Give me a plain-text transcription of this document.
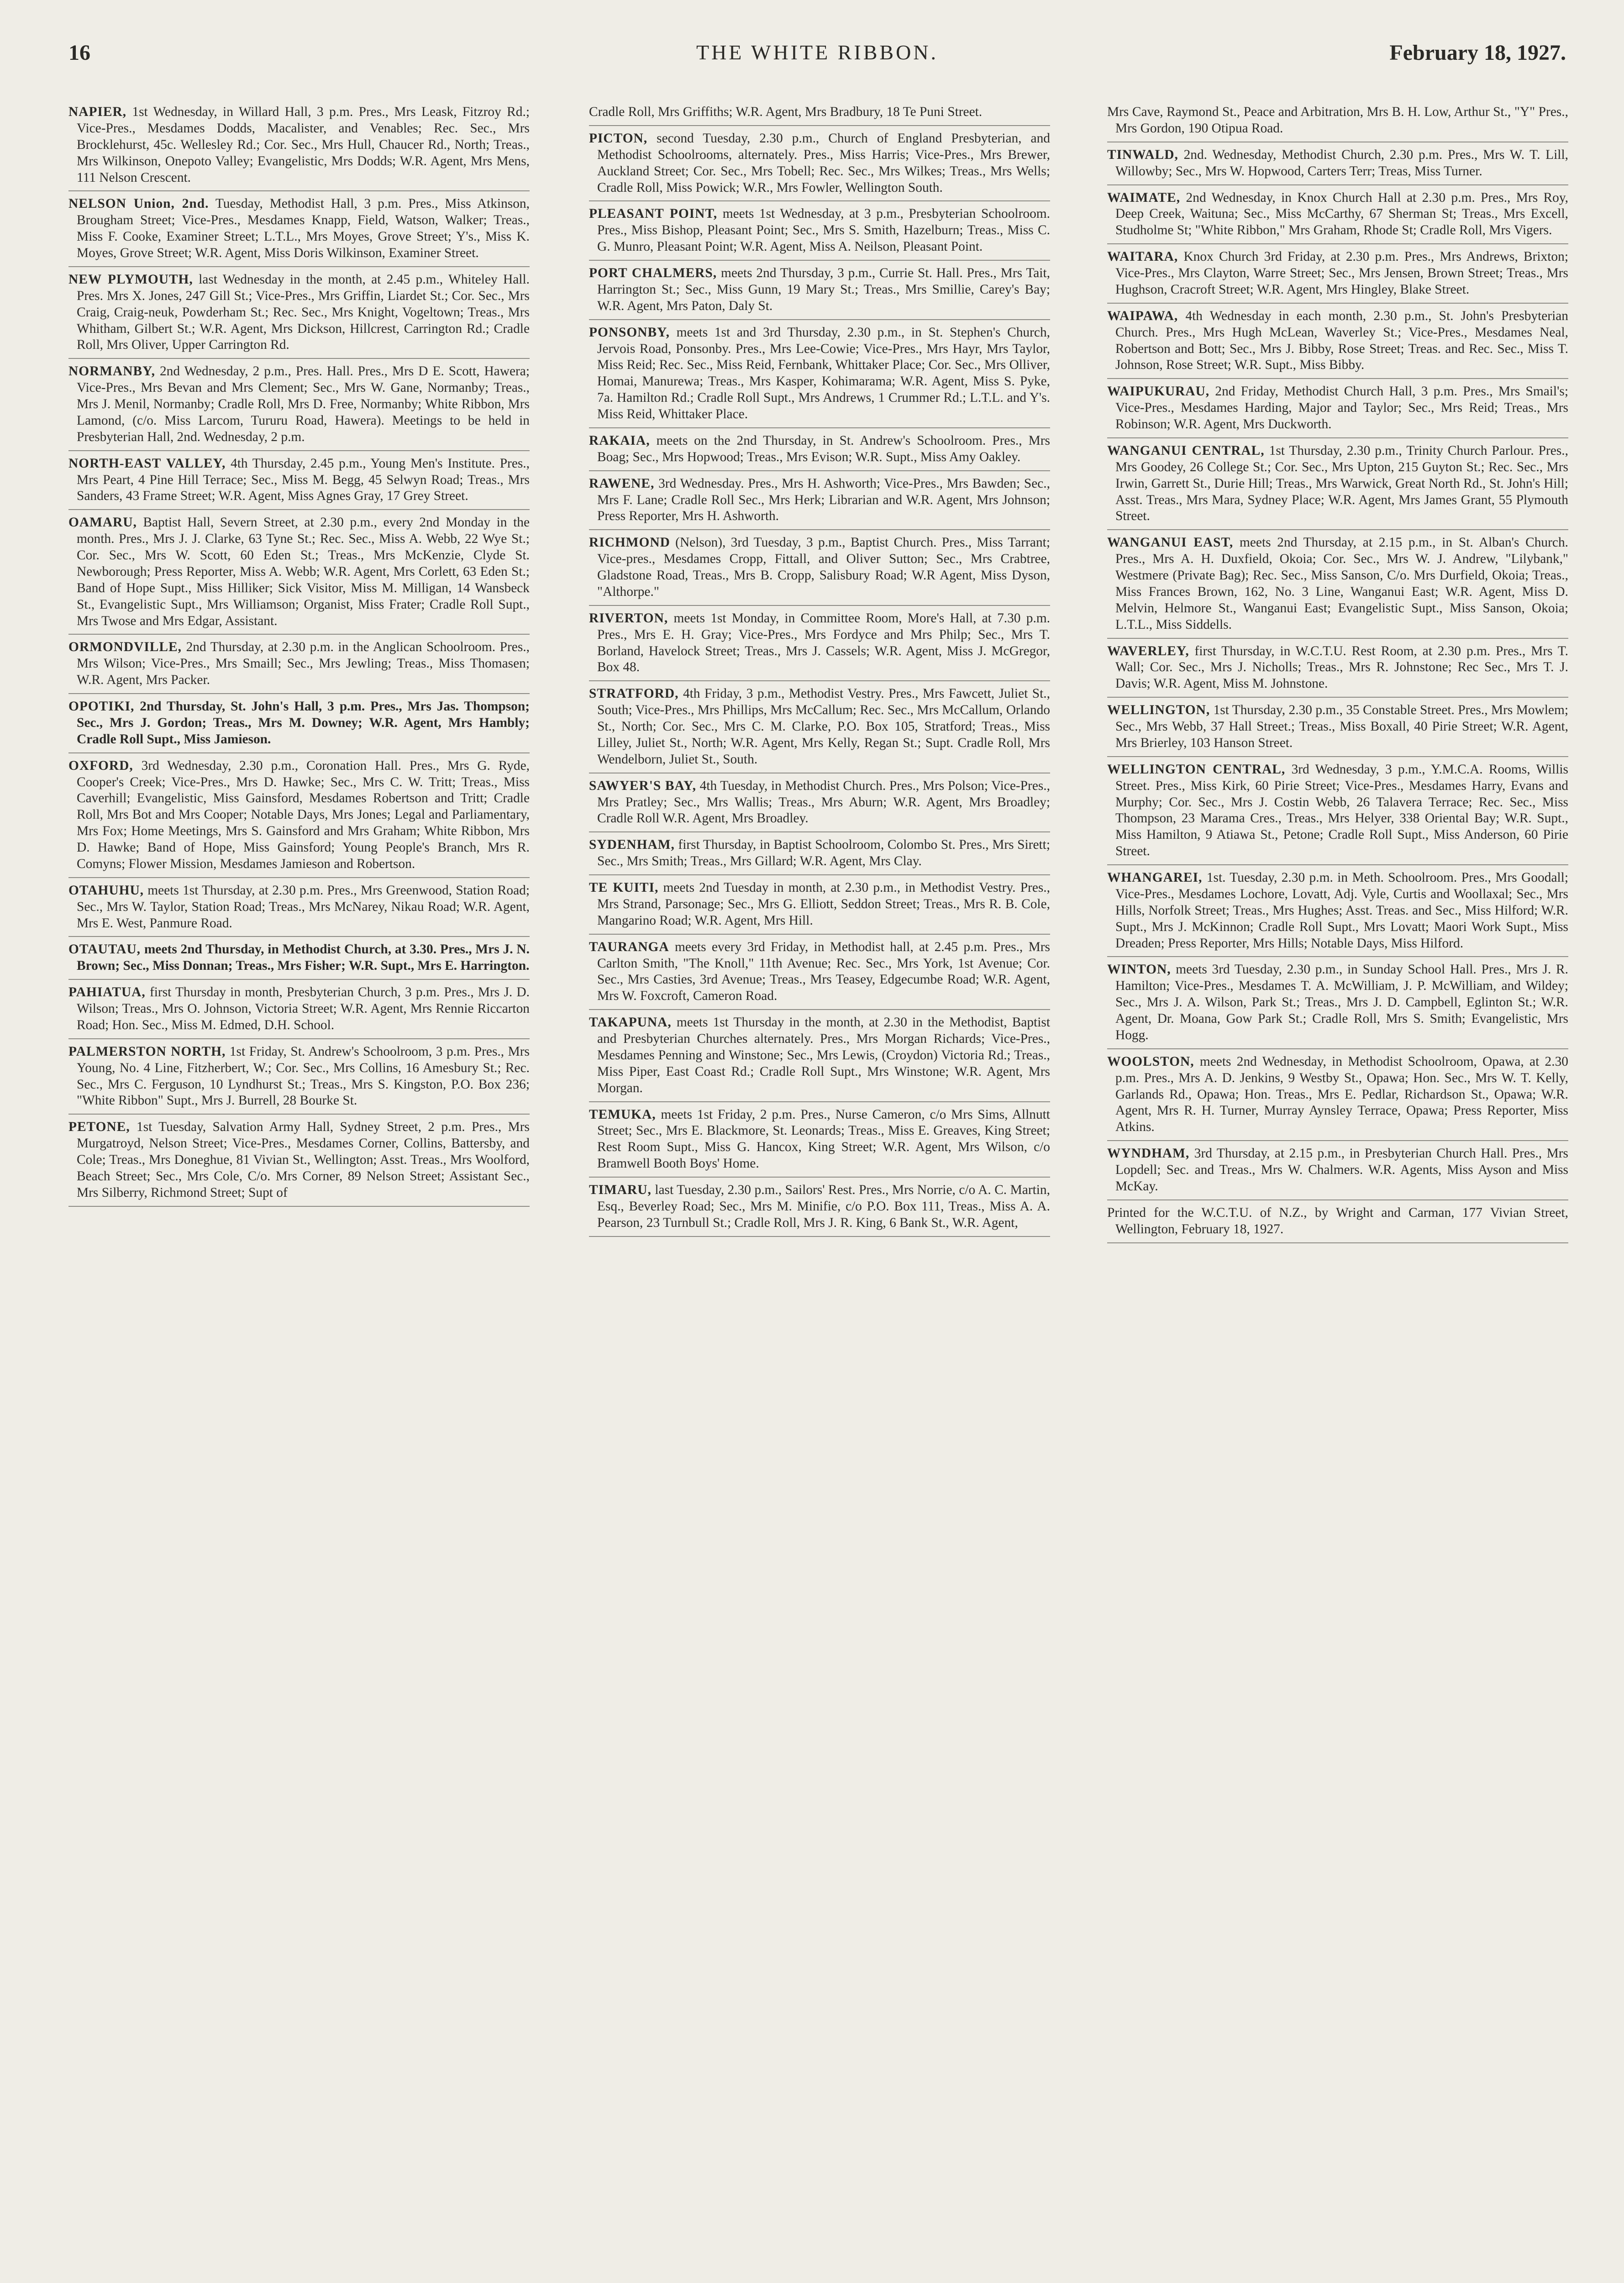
THE WHITE RIBBON.
16	February 18, 1927.
NAPIER, 1st Wednesday, in Willard Hall, 3 p.m. Pres., Mrs Leask, Fitzroy Rd.; Vice-Pres., Mesdames Dodds, Macalister, and Venables; Rec. Sec., Mrs Brocklehurst, 45c. Wellesley Rd.; Cor. Sec., Mrs Hull, Chaucer Rd., North; Treas., Mrs Wilkinson, Onepoto Valley; Evangelistic, Mrs Dodds; W.R. Agent, Mrs Mens, 111 Nelson Crescent.
NELSON Union, 2nd. Tuesday, Methodist Hall, 3 p.m. Pres., Miss Atkinson, Brougham Street; Vice-Pres., Mesdames Knapp, Field, Watson, Walker; Treas., Miss F. Cooke, Examiner Street; L.T.L., Mrs Moyes, Grove Street; Y's., Miss K. Moyes, Grove Street; W.R. Agent, Miss Doris Wilkinson, Examiner Street.
NEW PLYMOUTH, last Wednesday in the month, at 2.45 p.m., Whiteley Hall. Pres. Mrs X. Jones, 247 Gill St.; Vice-Pres., Mrs Griffin, Liardet St.; Cor. Sec., Mrs Craig, Craig-neuk, Powderham St.; Rec. Sec., Mrs Knight, Vogeltown; Treas., Mrs Whitham, Gilbert St.; W.R. Agent, Mrs Dickson, Hillcrest, Carrington Rd.; Cradle Roll, Mrs Oliver, Upper Carrington Rd.
NORMANBY, 2nd Wednesday, 2 p.m., Pres. Hall. Pres., Mrs D E. Scott, Hawera; Vice-Pres., Mrs Bevan and Mrs Clement; Sec., Mrs W. Gane, Normanby; Treas., Mrs J. Menil, Normanby; Cradle Roll, Mrs D. Free, Normanby; White Ribbon, Mrs Lamond, (c/o. Miss Larcom, Tururu Road, Hawera). Meetings to be held in Presbyterian Hall, 2nd. Wednesday, 2 p.m.
NORTH-EAST VALLEY, 4th Thursday, 2.45 p.m., Young Men's Institute. Pres., Mrs Peart, 4 Pine Hill Terrace; Sec., Miss M. Begg, 45 Selwyn Road; Treas., Mrs Sanders, 43 Frame Street; W.R. Agent, Miss Agnes Gray, 17 Grey Street.
OAMARU, Baptist Hall, Severn Street, at 2.30 p.m., every 2nd Monday in the month. Pres., Mrs J. J. Clarke, 63 Tyne St.; Rec. Sec., Miss A. Webb, 22 Wye St.; Cor. Sec., Mrs W. Scott, 60 Eden St.; Treas., Mrs McKenzie, Clyde St. Newborough; Press Reporter, Miss A. Webb; W.R. Agent, Mrs Corlett, 63 Eden St.; Band of Hope Supt., Miss Hilliker; Sick Visitor, Miss M. Milligan, 14 Wansbeck St., Evangelistic Supt., Mrs Williamson; Organist, Miss Frater; Cradle Roll Supt., Mrs Twose and Mrs Edgar, Assistant.
ORMONDVILLE, 2nd Thursday, at 2.30 p.m. in the Anglican Schoolroom. Pres., Mrs Wilson; Vice-Pres., Mrs Smaill; Sec., Mrs Jewling; Treas., Miss Thomasen; W.R. Agent, Mrs Packer.
OPOTIKI, 2nd Thursday, St. John's Hall, 3 p.m. Pres., Mrs Jas. Thompson; Sec., Mrs J. Gordon; Treas., Mrs M. Downey; W.R. Agent, Mrs Hambly; Cradle Roll Supt., Miss Jamieson.
OXFORD, 3rd Wednesday, 2.30 p.m., Coronation Hall. Pres., Mrs G. Ryde, Cooper's Creek; Vice-Pres., Mrs D. Hawke; Sec., Mrs C. W. Tritt; Treas., Miss Caverhill; Evangelistic, Miss Gainsford, Mesdames Robertson and Tritt; Cradle Roll, Mrs Bot and Mrs Cooper; Notable Days, Mrs Jones; Legal and Parliamentary, Mrs Fox; Home Meetings, Mrs S. Gainsford and Mrs Graham; White Ribbon, Mrs D. Hawke; Band of Hope, Miss Gainsford; Young People's Branch, Mrs R. Comyns; Flower Mission, Mesdames Jamieson and Robertson.
OTAHUHU, meets 1st Thursday, at 2.30 p.m. Pres., Mrs Greenwood, Station Road; Sec., Mrs W. Taylor, Station Road; Treas., Mrs McNarey, Nikau Road; W.R. Agent, Mrs E. West, Panmure Road.
OTAUTAU, meets 2nd Thursday, in Methodist Church, at 3.30. Pres., Mrs J. N. Brown; Sec., Miss Donnan; Treas., Mrs Fisher; W.R. Supt., Mrs E. Harrington.
PAHIATUA, first Thursday in month, Presbyterian Church, 3 p.m. Pres., Mrs J. D. Wilson; Treas., Mrs O. Johnson, Victoria Street; W.R. Agent, Mrs Rennie Riccarton Road; Hon. Sec., Miss M. Edmed, D.H. School.
PALMERSTON NORTH, 1st Friday, St. Andrew's Schoolroom, 3 p.m. Pres., Mrs Young, No. 4 Line, Fitzherbert, W.; Cor. Sec., Mrs Collins, 16 Amesbury St.; Rec. Sec., Mrs C. Ferguson, 10 Lyndhurst St.; Treas., Mrs S. Kingston, P.O. Box 236; "White Ribbon" Supt., Mrs J. Burrell, 28 Bourke St.
PETONE, 1st Tuesday, Salvation Army Hall, Sydney Street, 2 p.m. Pres., Mrs Murgatroyd, Nelson Street; Vice-Pres., Mesdames Corner, Collins, Battersby, and Cole; Treas., Mrs Doneghue, 81 Vivian St., Wellington; Asst. Treas., Mrs Woolford, Beach Street; Sec., Mrs Cole, C/o. Mrs Corner, 89 Nelson Street; Assistant Sec., Mrs Silberry, Richmond Street; Supt of
Cradle Roll, Mrs Griffiths; W.R. Agent, Mrs Bradbury, 18 Te Puni Street.
PICTON, second Tuesday, 2.30 p.m., Church of England Presbyterian, and Methodist Schoolrooms, alternately. Pres., Miss Harris; Vice-Pres., Mrs Brewer, Auckland Street; Cor. Sec., Mrs Tobell; Rec. Sec., Mrs Wilkes; Treas., Mrs Wells; Cradle Roll, Miss Powick; W.R., Mrs Fowler, Wellington South.
PLEASANT POINT, meets 1st Wednesday, at 3 p.m., Presbyterian Schoolroom. Pres., Miss Bishop, Pleasant Point; Sec., Mrs S. Smith, Hazelburn; Treas., Miss C. G. Munro, Pleasant Point; W.R. Agent, Miss A. Neilson, Pleasant Point.
PORT CHALMERS, meets 2nd Thursday, 3 p.m., Currie St. Hall. Pres., Mrs Tait, Harrington St.; Sec., Miss Gunn, 19 Mary St.; Treas., Mrs Smillie, Carey's Bay; W.R. Agent, Mrs Paton, Daly St.
PONSONBY, meets 1st and 3rd Thursday, 2.30 p.m., in St. Stephen's Church, Jervois Road, Ponsonby. Pres., Mrs Lee-Cowie; Vice-Pres., Mrs Hayr, Mrs Taylor, Miss Reid; Rec. Sec., Miss Reid, Fernbank, Whittaker Place; Cor. Sec., Mrs Olliver, Homai, Manurewa; Treas., Mrs Kasper, Kohimarama; W.R. Agent, Miss S. Pyke, 7a. Hamilton Rd.; Cradle Roll Supt., Mrs Andrews, 1 Crummer Rd.; L.T.L. and Y's. Miss Reid, Whittaker Place.
RAKAIA, meets on the 2nd Thursday, in St. Andrew's Schoolroom. Pres., Mrs Boag; Sec., Mrs Hopwood; Treas., Mrs Evison; W.R. Supt., Miss Amy Oakley.
RAWENE, 3rd Wednesday. Pres., Mrs H. Ashworth; Vice-Pres., Mrs Bawden; Sec., Mrs F. Lane; Cradle Roll Sec., Mrs Herk; Librarian and W.R. Agent, Mrs Johnson; Press Reporter, Mrs H. Ashworth.
RICHMOND (Nelson), 3rd Tuesday, 3 p.m., Baptist Church. Pres., Miss Tarrant; Vice-pres., Mesdames Cropp, Fittall, and Oliver Sutton; Sec., Mrs Crabtree, Gladstone Road, Treas., Mrs B. Cropp, Salisbury Road; W.R Agent, Miss Dyson, "Althorpe."
RIVERTON, meets 1st Monday, in Committee Room, More's Hall, at 7.30 p.m. Pres., Mrs E. H. Gray; Vice-Pres., Mrs Fordyce and Mrs Philp; Sec., Mrs T. Borland, Havelock Street; Treas., Mrs J. Cassels; W.R. Agent, Miss J. McGregor, Box 48.
STRATFORD, 4th Friday, 3 p.m., Methodist Vestry. Pres., Mrs Fawcett, Juliet St., South; Vice-Pres., Mrs Phillips, Mrs McCallum; Rec. Sec., Mrs McCallum, Orlando St., North; Cor. Sec., Mrs C. M. Clarke, P.O. Box 105, Stratford; Treas., Miss Lilley, Juliet St., North; W.R. Agent, Mrs Kelly, Regan St.; Supt. Cradle Roll, Mrs Wendelborn, Juliet St., South.
SAWYER'S BAY, 4th Tuesday, in Methodist Church. Pres., Mrs Polson; Vice-Pres., Mrs Pratley; Sec., Mrs Wallis; Treas., Mrs Aburn; W.R. Agent, Mrs Broadley; Cradle Roll W.R. Agent, Mrs Broadley.
SYDENHAM, first Thursday, in Baptist Schoolroom, Colombo St. Pres., Mrs Sirett; Sec., Mrs Smith; Treas., Mrs Gillard; W.R. Agent, Mrs Clay.
TE KUITI, meets 2nd Tuesday in month, at 2.30 p.m., in Methodist Vestry. Pres., Mrs Strand, Parsonage; Sec., Mrs G. Elliott, Seddon Street; Treas., Mrs R. B. Cole, Mangarino Road; W.R. Agent, Mrs Hill.
TAURANGA meets every 3rd Friday, in Methodist hall, at 2.45 p.m. Pres., Mrs Carlton Smith, "The Knoll," 11th Avenue; Rec. Sec., Mrs York, 1st Avenue; Cor. Sec., Mrs Casties, 3rd Avenue; Treas., Mrs Teasey, Edgecumbe Road; W.R. Agent, Mrs W. Foxcroft, Cameron Road.
TAKAPUNA, meets 1st Thursday in the month, at 2.30 in the Methodist, Baptist and Presbyterian Churches alternately. Pres., Mrs Morgan Richards; Vice-Pres., Mesdames Penning and Winstone; Sec., Mrs Lewis, (Croydon) Victoria Rd.; Treas., Miss Piper, East Coast Rd.; Cradle Roll Supt., Mrs Winstone; W.R. Agent, Mrs Morgan.
TEMUKA, meets 1st Friday, 2 p.m. Pres., Nurse Cameron, c/o Mrs Sims, Allnutt Street; Sec., Mrs E. Blackmore, St. Leonards; Treas., Miss E. Greaves, King Street; Rest Room Supt., Miss G. Hancox, King Street; W.R. Agent, Mrs Wilson, c/o Bramwell Booth Boys' Home.
TIMARU, last Tuesday, 2.30 p.m., Sailors' Rest. Pres., Mrs Norrie, c/o A. C. Martin, Esq., Beverley Road; Sec., Mrs M. Minifie, c/o P.O. Box 111, Treas., Miss A. A. Pearson, 23 Turnbull St.; Cradle Roll, Mrs J. R. King, 6 Bank St., W.R. Agent,
Mrs Cave, Raymond St., Peace and Arbitration, Mrs B. H. Low, Arthur St., "Y" Pres., Mrs Gordon, 190 Otipua Road.
TINWALD, 2nd. Wednesday, Methodist Church, 2.30 p.m. Pres., Mrs W. T. Lill, Willowby; Sec., Mrs W. Hopwood, Carters Terr; Treas, Miss Turner.
WAIMATE, 2nd Wednesday, in Knox Church Hall at 2.30 p.m. Pres., Mrs Roy, Deep Creek, Waituna; Sec., Miss McCarthy, 67 Sherman St; Treas., Mrs Excell, Studholme St; "White Ribbon," Mrs Graham, Rhode St; Cradle Roll, Mrs Vigers.
WAITARA, Knox Church 3rd Friday, at 2.30 p.m. Pres., Mrs Andrews, Brixton; Vice-Pres., Mrs Clayton, Warre Street; Sec., Mrs Jensen, Brown Street; Treas., Mrs Hughson, Cracroft Street; W.R. Agent, Mrs Hingley, Blake Street.
WAIPAWA, 4th Wednesday in each month, 2.30 p.m., St. John's Presbyterian Church. Pres., Mrs Hugh McLean, Waverley St.; Vice-Pres., Mesdames Neal, Robertson and Bott; Sec., Mrs J. Bibby, Rose Street; Treas. and Rec. Sec., Miss T. Johnson, Rose Street; W.R. Supt., Miss Bibby.
WAIPUKURAU, 2nd Friday, Methodist Church Hall, 3 p.m. Pres., Mrs Smail's; Vice-Pres., Mesdames Harding, Major and Taylor; Sec., Mrs Reid; Treas., Mrs Robinson; W.R. Agent, Mrs Duckworth.
WANGANUI CENTRAL, 1st Thursday, 2.30 p.m., Trinity Church Parlour. Pres., Mrs Goodey, 26 College St.; Cor. Sec., Mrs Upton, 215 Guyton St.; Rec. Sec., Mrs Irwin, Garrett St., Durie Hill; Treas., Mrs Warwick, Great North Rd., St. John's Hill; Asst. Treas., Mrs Mara, Sydney Place; W.R. Agent, Mrs James Grant, 55 Plymouth Street.
WANGANUI EAST, meets 2nd Thursday, at 2.15 p.m., in St. Alban's Church. Pres., Mrs A. H. Duxfield, Okoia; Cor. Sec., Mrs W. J. Andrew, "Lilybank," Westmere (Private Bag); Rec. Sec., Miss Sanson, C/o. Mrs Durfield, Okoia; Treas., Miss Frances Brown, 162, No. 3 Line, Wanganui East; W.R. Agent, Miss D. Melvin, Helmore St., Wanganui East; Evangelistic Supt., Miss Sanson, Okoia; L.T.L., Miss Siddells.
WAVERLEY, first Thursday, in W.C.T.U. Rest Room, at 2.30 p.m. Pres., Mrs T. Wall; Cor. Sec., Mrs J. Nicholls; Treas., Mrs R. Johnstone; Rec Sec., Mrs T. J. Davis; W.R. Agent, Miss M. Johnstone.
WELLINGTON, 1st Thursday, 2.30 p.m., 35 Constable Street. Pres., Mrs Mowlem; Sec., Mrs Webb, 37 Hall Street.; Treas., Miss Boxall, 40 Pirie Street; W.R. Agent, Mrs Brierley, 103 Hanson Street.
WELLINGTON CENTRAL, 3rd Wednesday, 3 p.m., Y.M.C.A. Rooms, Willis Street. Pres., Miss Kirk, 60 Pirie Street; Vice-Pres., Mesdames Harry, Evans and Murphy; Cor. Sec., Mrs J. Costin Webb, 26 Talavera Terrace; Rec. Sec., Miss Thompson, 23 Marama Cres., Treas., Mrs Helyer, 338 Oriental Bay; W.R. Supt., Miss Hamilton, 9 Atiawa St., Petone; Cradle Roll Supt., Miss Anderson, 60 Pirie Street.
WHANGAREI, 1st. Tuesday, 2.30 p.m. in Meth. Schoolroom. Pres., Mrs Goodall; Vice-Pres., Mesdames Lochore, Lovatt, Adj. Vyle, Curtis and Woollaxal; Sec., Mrs Hills, Norfolk Street; Treas., Mrs Hughes; Asst. Treas. and Sec., Miss Hilford; W.R. Supt., Mrs J. McKinnon; Cradle Roll Supt., Mrs Lovatt; Maori Work Supt., Miss Dreaden; Press Reporter, Mrs Hills; Notable Days, Miss Hilford.
WINTON, meets 3rd Tuesday, 2.30 p.m., in Sunday School Hall. Pres., Mrs J. R. Hamilton; Vice-Pres., Mesdames T. A. McWilliam, J. P. McWilliam, and Wildey; Sec., Mrs J. A. Wilson, Park St.; Treas., Mrs J. D. Campbell, Eglinton St.; W.R. Agent, Dr. Moana, Gow Park St.; Cradle Roll, Mrs S. Smith; Evangelistic, Mrs Hogg.
WOOLSTON, meets 2nd Wednesday, in Methodist Schoolroom, Opawa, at 2.30 p.m. Pres., Mrs A. D. Jenkins, 9 Westby St., Opawa; Hon. Sec., Mrs W. T. Kelly, Garlands Rd., Opawa; Hon. Treas., Mrs E. Pedlar, Richardson St., Opawa; W.R. Agent, Mrs R. H. Turner, Murray Aynsley Terrace, Opawa; Press Reporter, Miss Atkins.
WYNDHAM, 3rd Thursday, at 2.15 p.m., in Presbyterian Church Hall. Pres., Mrs Lopdell; Sec. and Treas., Mrs W. Chalmers. W.R. Agents, Miss Ayson and Miss McKay.
Printed for the W.C.T.U. of N.Z., by Wright and Carman, 177 Vivian Street, Wellington, February 18, 1927.
